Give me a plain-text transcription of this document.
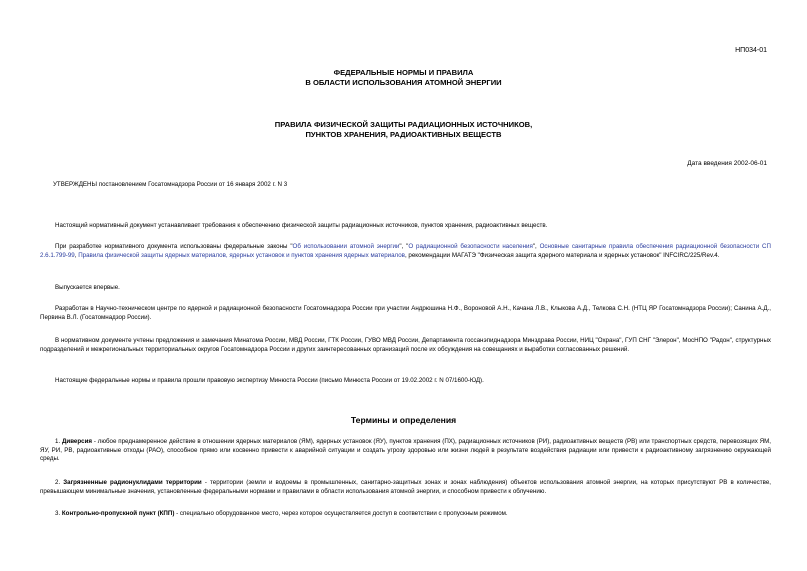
НП034-01
ФЕДЕРАЛЬНЫЕ НОРМЫ И ПРАВИЛА
В ОБЛАСТИ ИСПОЛЬЗОВАНИЯ АТОМНОЙ ЭНЕРГИИ
ПРАВИЛА ФИЗИЧЕСКОЙ ЗАЩИТЫ РАДИАЦИОННЫХ ИСТОЧНИКОВ,
ПУНКТОВ ХРАНЕНИЯ, РАДИОАКТИВНЫХ ВЕЩЕСТВ
Дата введения 2002-06-01
УТВЕРЖДЕНЫ постановлением Госатомнадзора России от 16 января 2002 г. N 3
Настоящий нормативный документ устанавливает требования к обеспечению физической защиты радиационных источников, пунктов хранения, радиоактивных веществ.
При разработке нормативного документа использованы федеральные законы "Об использовании атомной энергии", "О радиационной безопасности населения", Основные санитарные правила обеспечения радиационной безопасности СП 2.6.1.799-99, Правила физической защиты ядерных материалов, ядерных установок и пунктов хранения ядерных материалов, рекомендации МАГАТЭ "Физическая защита ядерного материала и ядерных установок" INFCIRC/225/Rev.4.
Выпускается впервые.
Разработан в Научно-техническом центре по ядерной и радиационной безопасности Госатомнадзора России при участии Андрюшина Н.Ф., Вороновой А.Н., Качана Л.В., Клыкова А.Д., Телкова С.Н. (НТЦ ЯР Госатомнадзора России); Санина А.Д., Первина В.Л. (Госатомнадзор России).
В нормативном документе учтены предложения и замечания Минатома России, МВД России, ГТК России, ГУВО МВД России, Департамента госсанэпиднадзора Минздрава России, НИЦ "Охрана", ГУП СНГ "Элерон", МосНПО "Радон", структурных подразделений и межрегиональных территориальных округов Госатомнадзора России и других заинтересованных организаций после их обсуждения на совещаниях и выработки согласованных решений.
Настоящие федеральные нормы и правила прошли правовую экспертизу Минюста России (письмо Минюста России от 19.02.2002 г. N 07/1600-ЮД).
Термины и определения
1. Диверсия - любое преднамеренное действие в отношении ядерных материалов (ЯМ), ядерных установок (ЯУ), пунктов хранения (ПХ), радиационных источников (РИ), радиоактивных веществ (РВ) или транспортных средств, перевозящих ЯМ, ЯУ, РИ, РВ, радиоактивные отходы (РАО), способное прямо или косвенно привести к аварийной ситуации и создать угрозу здоровью или жизни людей в результате воздействия радиации или привести к радиоактивному загрязнению окружающей среды.
2. Загрязненные радионуклидами территории - территории (земли и водоемы в промышленных, санитарно-защитных зонах и зонах наблюдения) объектов использования атомной энергии, на которых присутствуют РВ в количестве, превышающем минимальные значения, установленные федеральными нормами и правилами в области использования атомной энергии, и способном привести к облучению.
3. Контрольно-пропускной пункт (КПП) - специально оборудованное место, через которое осуществляется доступ в соответствии с пропускным режимом.
